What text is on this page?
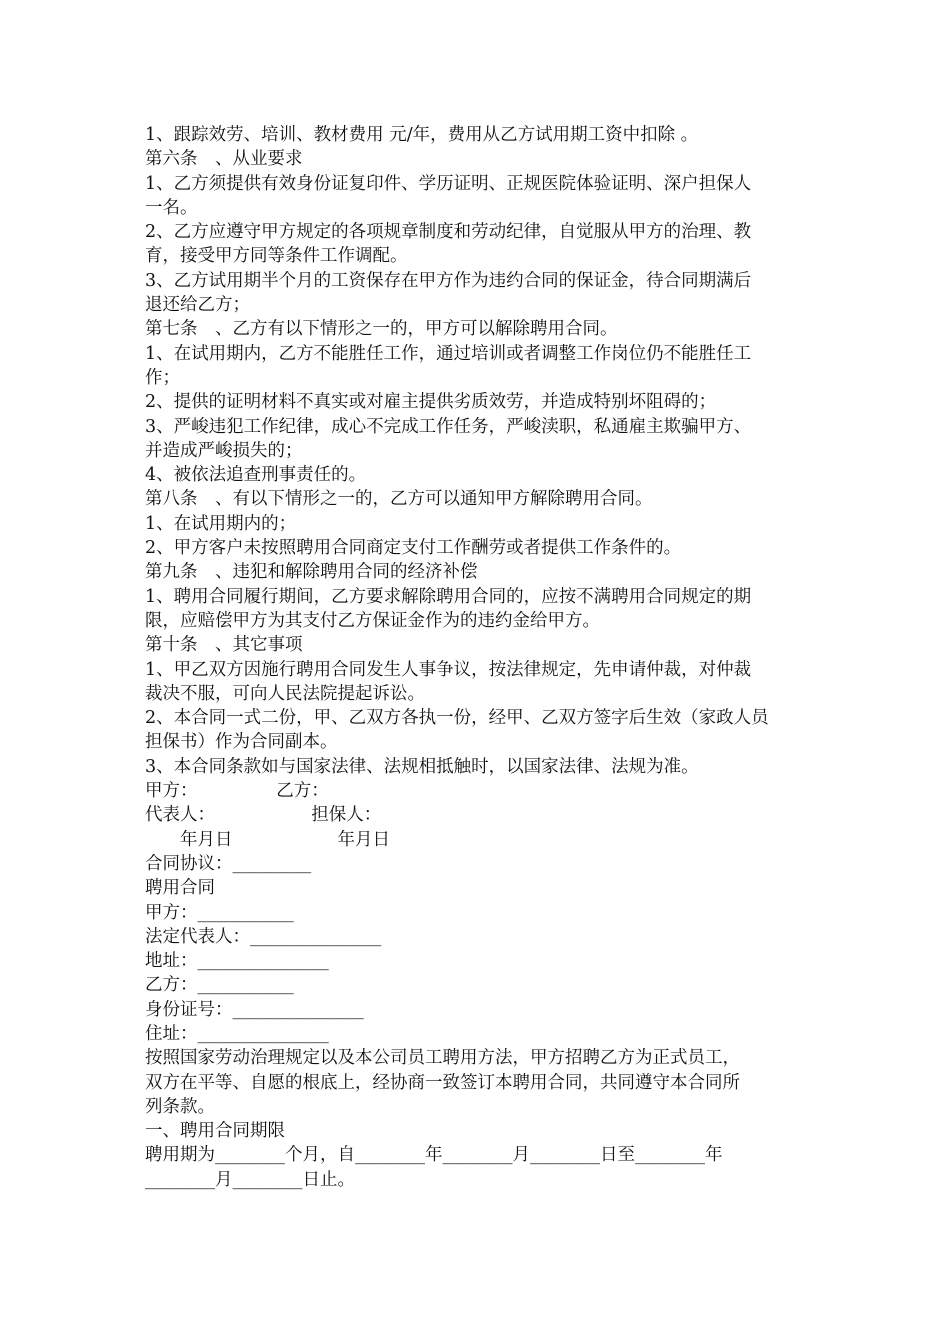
1、跟踪效劳、培训、教材费用 元/年，费用从乙方试用期工资中扣除 。
第六条　、从业要求
1、乙方须提供有效身份证复印件、学历证明、正规医院体验证明、深户担保人
一名。
2、乙方应遵守甲方规定的各项规章制度和劳动纪律，自觉服从甲方的治理、教
育，接受甲方同等条件工作调配。
3、乙方试用期半个月的工资保存在甲方作为违约合同的保证金，待合同期满后
退还给乙方；
第七条　、乙方有以下情形之一的，甲方可以解除聘用合同。
1、在试用期内，乙方不能胜任工作，通过培训或者调整工作岗位仍不能胜任工
作；
2、提供的证明材料不真实或对雇主提供劣质效劳，并造成特别坏阻碍的；
3、严峻违犯工作纪律，成心不完成工作任务，严峻渎职，私通雇主欺骗甲方、
并造成严峻损失的；
4、被依法追查刑事责任的。
第八条　、有以下情形之一的，乙方可以通知甲方解除聘用合同。
1、在试用期内的；
2、甲方客户未按照聘用合同商定支付工作酬劳或者提供工作条件的。
第九条　、违犯和解除聘用合同的经济补偿
1、聘用合同履行期间，乙方要求解除聘用合同的，应按不满聘用合同规定的期
限，应赔偿甲方为其支付乙方保证金作为的违约金给甲方。
第十条　、其它事项
1、甲乙双方因施行聘用合同发生人事争议，按法律规定，先申请仲裁，对仲裁
裁决不服，可向人民法院提起诉讼。
2、本合同一式二份，甲、乙双方各执一份，经甲、乙双方签字后生效（家政人员
担保书）作为合同副本。
3、本合同条款如与国家法律、法规相抵触时，以国家法律、法规为准。
甲方：　　　　　乙方：
代表人：　　　　　　担保人：
　　年月日　　　　　　年月日
合同协议：_________
聘用合同
甲方：___________
法定代表人：_______________
地址：_______________
乙方：___________
身份证号：_______________
住址：_______________
按照国家劳动治理规定以及本公司员工聘用方法，甲方招聘乙方为正式员工，
双方在平等、自愿的根底上，经协商一致签订本聘用合同，共同遵守本合同所
列条款。
一、聘用合同期限
聘用期为________个月，自________年________月________日至________年
________月________日止。
